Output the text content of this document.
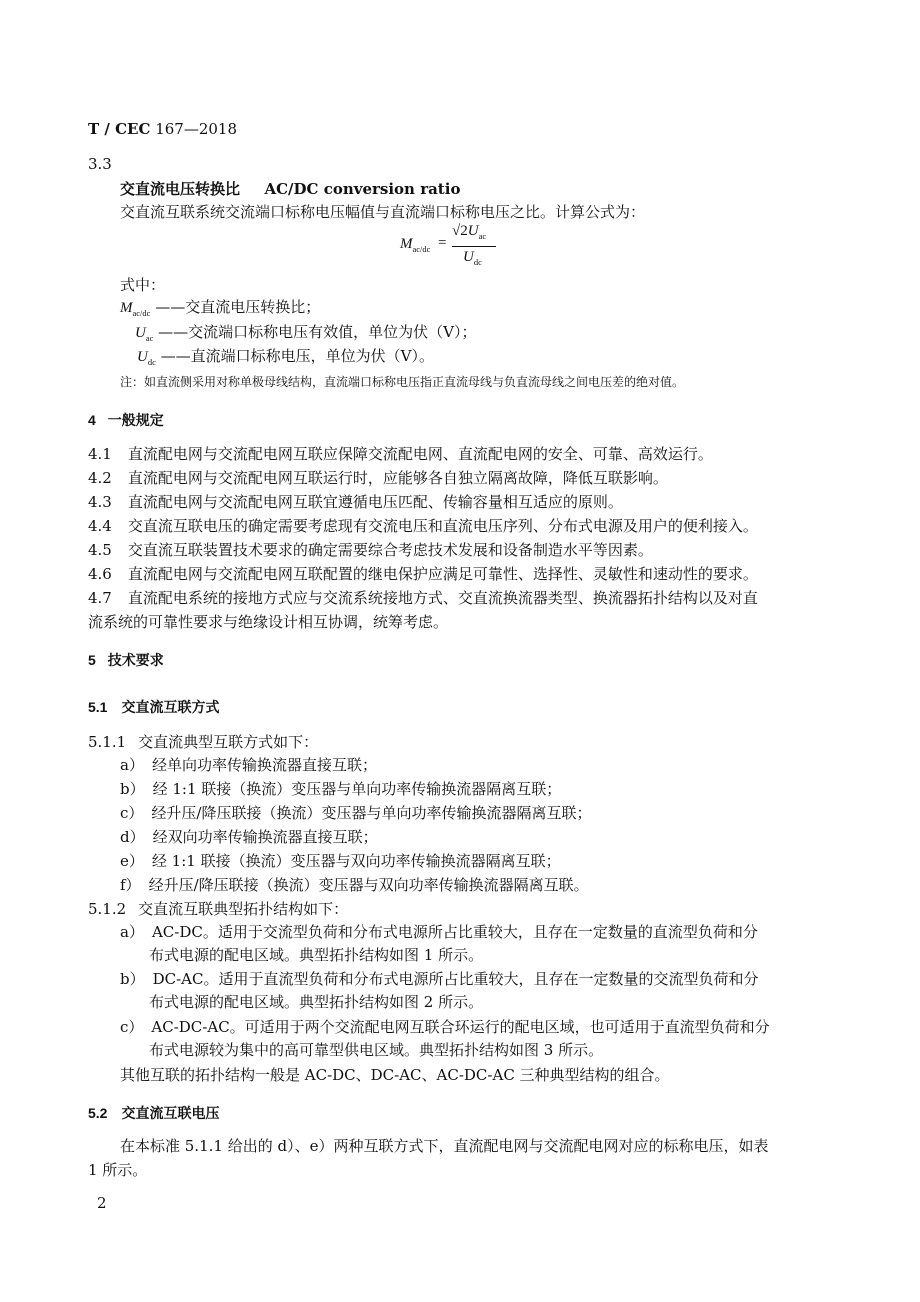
T / CEC 167—2018
3.3
交直流电压转换比 AC/DC conversion ratio
交直流互联系统交流端口标称电压幅值与直流端口标称电压之比。计算公式为：
$M_{ac/dc}$ =
$√2U_{ac}$
$U_{dc}$
式中：
$M_{ac/dc}$ ——交直流电压转换比；
$U_{ac}$ ——交流端口标称电压有效值，单位为伏（V）；
$U_{dc}$ ——直流端口标称电压，单位为伏（V）。
注：如直流侧采用对称单极母线结构，直流端口标称电压指正直流母线与负直流母线之间电压差的绝对值。
4 一般规定
4.1 直流配电网与交流配电网互联应保障交流配电网、直流配电网的安全、可靠、高效运行。
4.2 直流配电网与交流配电网互联运行时，应能够各自独立隔离故障，降低互联影响。
4.3 直流配电网与交流配电网互联宜遵循电压匹配、传输容量相互适应的原则。
4.4 交直流互联电压的确定需要考虑现有交流电压和直流电压序列、分布式电源及用户的便利接入。
4.5 交直流互联装置技术要求的确定需要综合考虑技术发展和设备制造水平等因素。
4.6 直流配电网与交流配电网互联配置的继电保护应满足可靠性、选择性、灵敏性和速动性的要求。
4.7 直流配电系统的接地方式应与交流系统接地方式、交直流换流器类型、换流器拓扑结构以及对直
流系统的可靠性要求与绝缘设计相互协调，统筹考虑。
5 技术要求
5.1 交直流互联方式
5.1.1 交直流典型互联方式如下：
a） 经单向功率传输换流器直接互联；
b） 经 1:1 联接（换流）变压器与单向功率传输换流器隔离互联；
c） 经升压/降压联接（换流）变压器与单向功率传输换流器隔离互联；
d） 经双向功率传输换流器直接互联；
e） 经 1:1 联接（换流）变压器与双向功率传输换流器隔离互联；
f） 经升压/降压联接（换流）变压器与双向功率传输换流器隔离互联。
5.1.2 交直流互联典型拓扑结构如下：
a） AC-DC。适用于交流型负荷和分布式电源所占比重较大，且存在一定数量的直流型负荷和分
布式电源的配电区域。典型拓扑结构如图 1 所示。
b） DC-AC。适用于直流型负荷和分布式电源所占比重较大，且存在一定数量的交流型负荷和分
布式电源的配电区域。典型拓扑结构如图 2 所示。
c） AC-DC-AC。可适用于两个交流配电网互联合环运行的配电区域，也可适用于直流型负荷和分
布式电源较为集中的高可靠型供电区域。典型拓扑结构如图 3 所示。
其他互联的拓扑结构一般是 AC-DC、DC-AC、AC-DC-AC 三种典型结构的组合。
5.2 交直流互联电压
在本标准 5.1.1 给出的 d）、e）两种互联方式下，直流配电网与交流配电网对应的标称电压，如表
1 所示。
2
